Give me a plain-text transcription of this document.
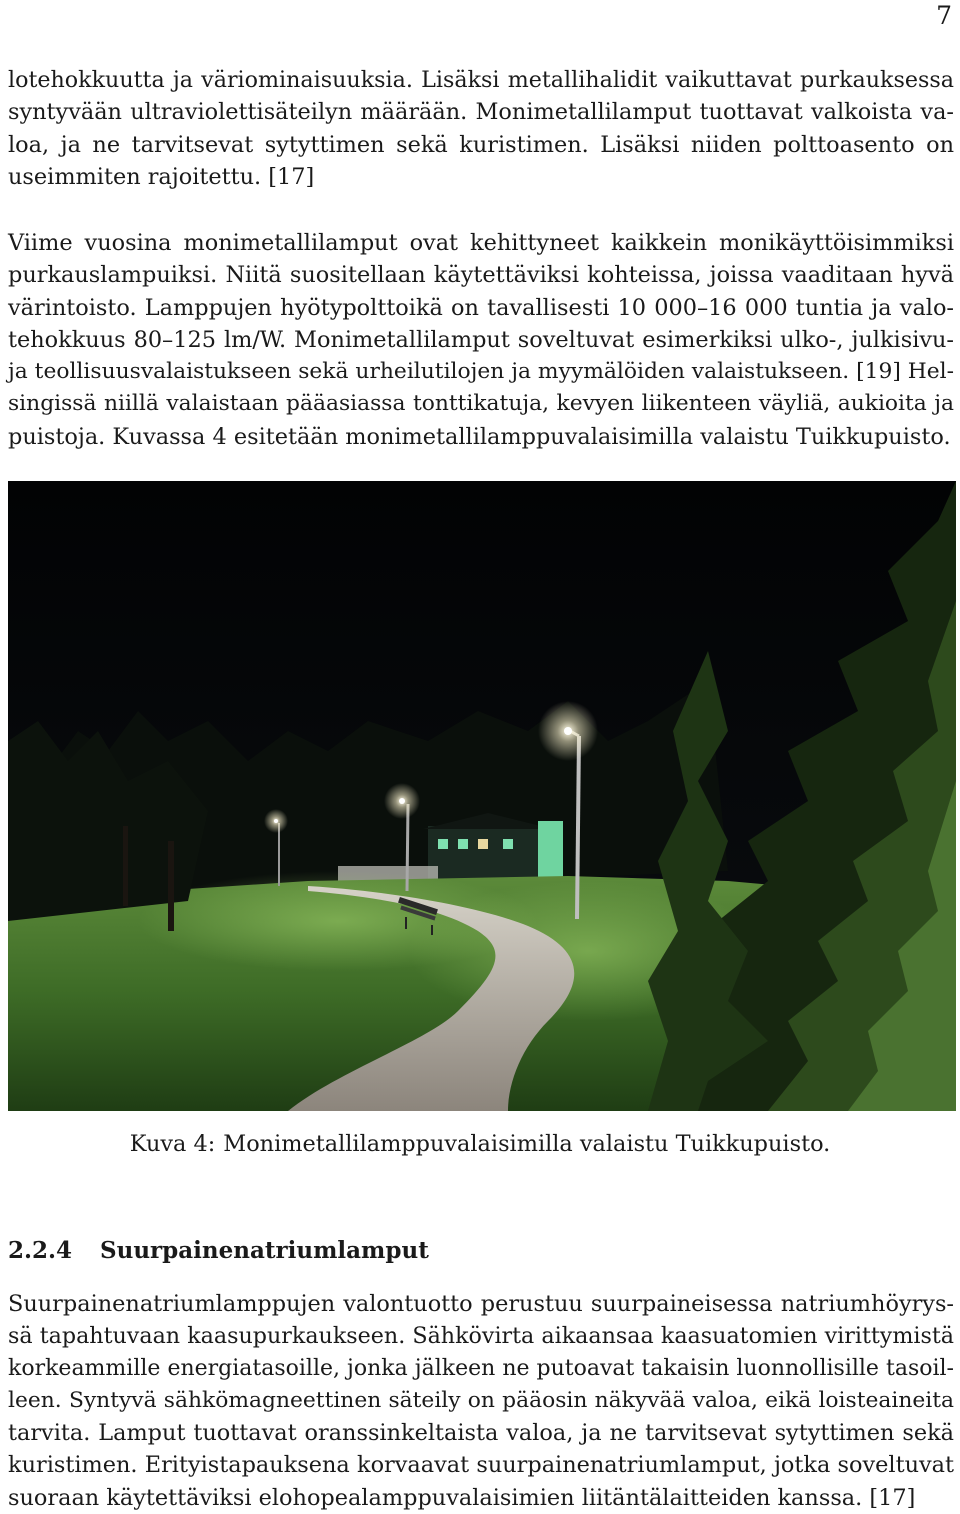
7
lotehokkuutta ja väriominaisuuksia. Lisäksi metallihalidit vaikuttavat purkauksessa
syntyvään ultraviolettisäteilyn määrään. Monimetallilamput tuottavat valkoista va-
loa, ja ne tarvitsevat sytyttimen sekä kuristimen. Lisäksi niiden polttoasento on
useimmiten rajoitettu. [17]
Viime vuosina monimetallilamput ovat kehittyneet kaikkein monikäyttöisimmiksi
purkauslampuiksi. Niitä suositellaan käytettäviksi kohteissa, joissa vaaditaan hyvä
värintoisto. Lamppujen hyötypolttoikä on tavallisesti 10 000–16 000 tuntia ja valo-
tehokkuus 80–125 lm/W. Monimetallilamput soveltuvat esimerkiksi ulko-, julkisivu-
ja teollisuusvalaistukseen sekä urheilutilojen ja myymälöiden valaistukseen. [19] Hel-
singissä niillä valaistaan pääasiassa tonttikatuja, kevyen liikenteen väyliä, aukioita ja
puistoja. Kuvassa 4 esitetään monimetallilamppuvalaisimilla valaistu Tuikkupuisto.
Kuva 4: Monimetallilamppuvalaisimilla valaistu Tuikkupuisto.
2.2.4 Suurpainenatriumlamput
Suurpainenatriumlamppujen valontuotto perustuu suurpaineisessa natriumhöyrys-
sä tapahtuvaan kaasupurkaukseen. Sähkövirta aikaansaa kaasuatomien virittymistä
korkeammille energiatasoille, jonka jälkeen ne putoavat takaisin luonnollisille tasoil-
leen. Syntyvä sähkömagneettinen säteily on pääosin näkyvää valoa, eikä loisteaineita
tarvita. Lamput tuottavat oranssinkeltaista valoa, ja ne tarvitsevat sytyttimen sekä
kuristimen. Erityistapauksena korvaavat suurpainenatriumlamput, jotka soveltuvat
suoraan käytettäviksi elohopealamppuvalaisimien liitäntälaitteiden kanssa. [17]
